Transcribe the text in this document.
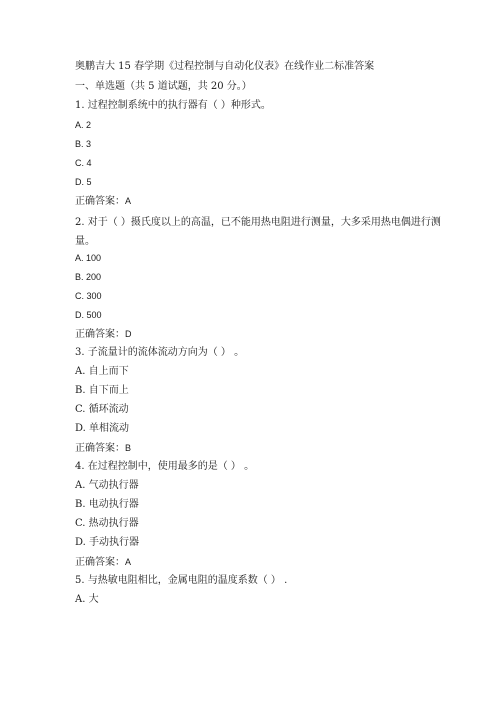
奥鹏吉大 15 春学期《过程控制与自动化仪表》在线作业二标准答案
一、单选题（共 5 道试题，共 20 分。）
1. 过程控制系统中的执行器有（ ）种形式。
A. 2
B. 3
C. 4
D. 5
正确答案：A
2. 对于（ ）摄氏度以上的高温，已不能用热电阻进行测量，大多采用热电偶进行测量。
A. 100
B. 200
C. 300
D. 500
正确答案：D
3. 子流量计的流体流动方向为（ ） 。
A. 自上而下
B. 自下而上
C. 循环流动
D. 单相流动
正确答案：B
4. 在过程控制中，使用最多的是（ ） 。
A. 气动执行器
B. 电动执行器
C. 热动执行器
D. 手动执行器
正确答案：A
5. 与热敏电阻相比，金属电阻的温度系数（ ） .
A. 大
